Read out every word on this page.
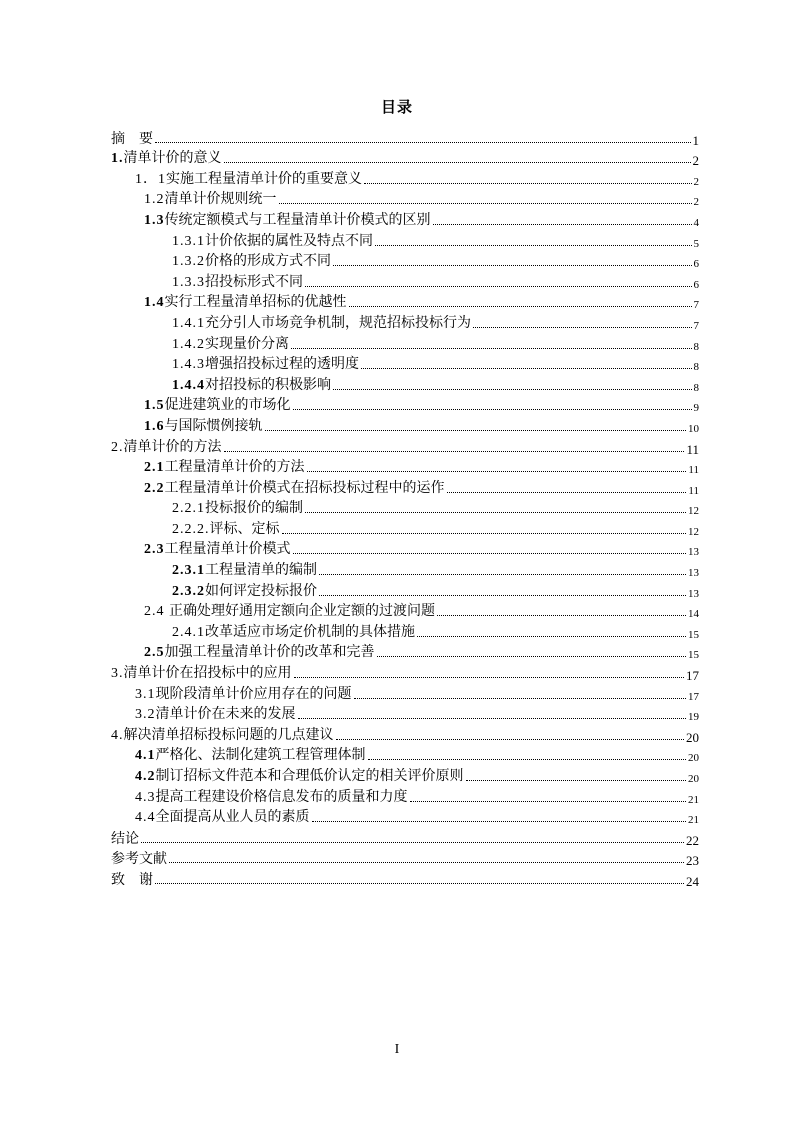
目录
摘　要	1
1.清单计价的意义	2
1．1实施工程量清单计价的重要意义	2
1.2清单计价规则统一	2
1.3传统定额模式与工程量清单计价模式的区别	4
1.3.1计价依据的属性及特点不同	5
1.3.2价格的形成方式不同	6
1.3.3招投标形式不同	6
1.4实行工程量清单招标的优越性	7
1.4.1充分引人市场竞争机制，规范招标投标行为	7
1.4.2实现量价分离	8
1.4.3增强招投标过程的透明度	8
1.4.4对招投标的积极影响	8
1.5促进建筑业的市场化	9
1.6与国际惯例接轨	10
2.清单计价的方法	11
2.1工程量清单计价的方法	11
2.2工程量清单计价模式在招标投标过程中的运作	11
2.2.1投标报价的编制	12
2.2.2.评标、定标	12
2.3工程量清单计价模式	13
2.3.1工程量清单的编制	13
2.3.2如何评定投标报价	13
2.4 正确处理好通用定额向企业定额的过渡问题	14
2.4.1改革适应市场定价机制的具体措施	15
2.5加强工程量清单计价的改革和完善	15
3.清单计价在招投标中的应用	17
3.1现阶段清单计价应用存在的问题	17
3.2清单计价在未来的发展	19
4.解决清单招标投标问题的几点建议	20
4.1严格化、法制化建筑工程管理体制	20
4.2制订招标文件范本和合理低价认定的相关评价原则	20
4.3提高工程建设价格信息发布的质量和力度	21
4.4全面提高从业人员的素质	21
结论	22
参考文献	23
致　谢	24
I
